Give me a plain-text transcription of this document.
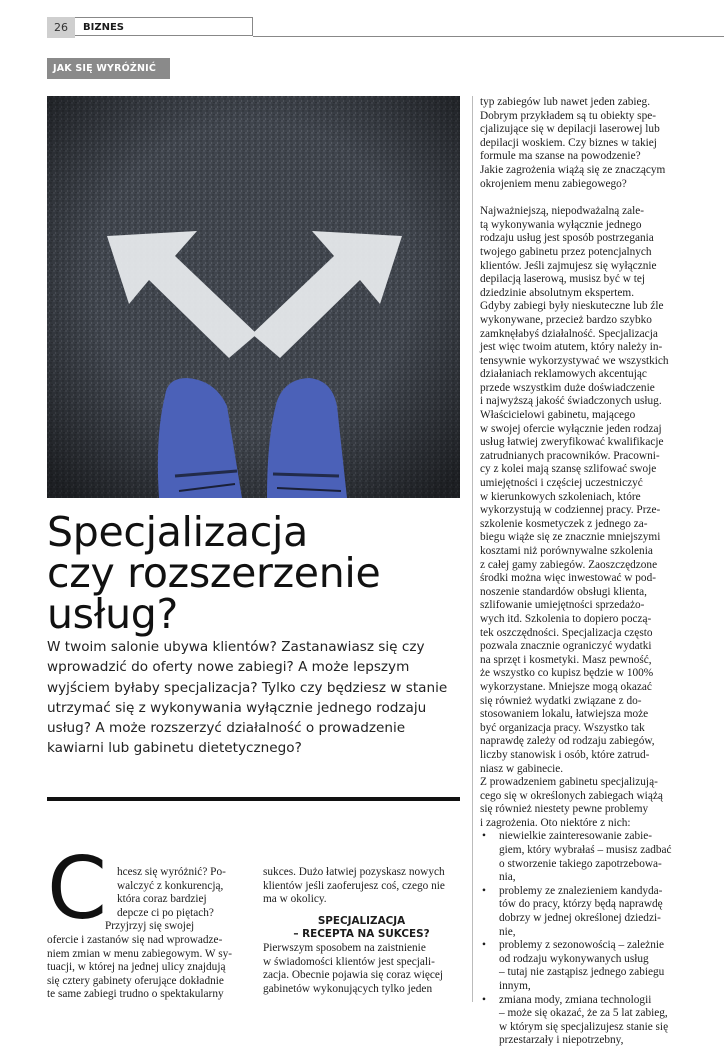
26	BIZNES
JAK SIĘ WYRÓŻNIĆ
Specjalizacja
czy rozszerzenie
usług?
W twoim salonie ubywa klientów? Zastanawiasz się czy
wprowadzić do oferty nowe zabiegi? A może lepszym
wyjściem byłaby specjalizacja? Tylko czy będziesz w stanie
utrzymać się z wykonywania wyłącznie jednego rodzaju
usług? A może rozszerzyć działalność o prowadzenie
kawiarni lub gabinetu dietetycznego?
C hcesz się wyróżnić? Po-
walczyć z konkurencją,
która coraz bardziej
depcze ci po piętach?
Przyjrzyj się swojej
ofercie i zastanów się nad wprowadze-
niem zmian w menu zabiegowym. W sy-
tuacji, w której na jednej ulicy znajdują
się cztery gabinety oferujące dokładnie
te same zabiegi trudno o spektakularny
sukces. Dużo łatwiej pozyskasz nowych
klientów jeśli zaoferujesz coś, czego nie
ma w okolicy.
SPECJALIZACJA
– RECEPTA NA SUKCES?
Pierwszym sposobem na zaistnienie
w świadomości klientów jest specjali-
zacja. Obecnie pojawia się coraz więcej
gabinetów wykonujących tylko jeden
typ zabiegów lub nawet jeden zabieg.
Dobrym przykładem są tu obiekty spe-
cjalizujące się w depilacji laserowej lub
depilacji woskiem. Czy biznes w takiej
formule ma szanse na powodzenie?
Jakie zagrożenia wiążą się ze znaczącym
okrojeniem menu zabiegowego?
Najważniejszą, niepodważalną zale-
tą wykonywania wyłącznie jednego
rodzaju usług jest sposób postrzegania
twojego gabinetu przez potencjalnych
klientów. Jeśli zajmujesz się wyłącznie
depilacją laserową, musisz być w tej
dziedzinie absolutnym ekspertem.
Gdyby zabiegi były nieskuteczne lub źle
wykonywane, przecież bardzo szybko
zamknęłabyś działalność. Specjalizacja
jest więc twoim atutem, który należy in-
tensywnie wykorzystywać we wszystkich
działaniach reklamowych akcentując
przede wszystkim duże doświadczenie
i najwyższą jakość świadczonych usług.
Właścicielowi gabinetu, mającego
w swojej ofercie wyłącznie jeden rodzaj
usług łatwiej zweryfikować kwalifikacje
zatrudnianych pracowników. Pracowni-
cy z kolei mają szansę szlifować swoje
umiejętności i częściej uczestniczyć
w kierunkowych szkoleniach, które
wykorzystują w codziennej pracy. Prze-
szkolenie kosmetyczek z jednego za-
biegu wiąże się ze znacznie mniejszymi
kosztami niż porównywalne szkolenia
z całej gamy zabiegów. Zaoszczędzone
środki można więc inwestować w pod-
noszenie standardów obsługi klienta,
szlifowanie umiejętności sprzedażo-
wych itd. Szkolenia to dopiero począ-
tek oszczędności. Specjalizacja często
pozwala znacznie ograniczyć wydatki
na sprzęt i kosmetyki. Masz pewność,
że wszystko co kupisz będzie w 100%
wykorzystane. Mniejsze mogą okazać
się również wydatki związane z do-
stosowaniem lokalu, łatwiejsza może
być organizacja pracy. Wszystko tak
naprawdę zależy od rodzaju zabiegów,
liczby stanowisk i osób, które zatrud-
niasz w gabinecie.
Z prowadzeniem gabinetu specjalizują-
cego się w określonych zabiegach wiążą
się również niestety pewne problemy
i zagrożenia. Oto niektóre z nich:
• niewielkie zainteresowanie zabie-
giem, który wybrałaś – musisz zadbać
o stworzenie takiego zapotrzebowa-
nia,
• problemy ze znalezieniem kandyda-
tów do pracy, którzy będą naprawdę
dobrzy w jednej określonej dziedzi-
nie,
• problemy z sezonowością – zależnie
od rodzaju wykonywanych usług
– tutaj nie zastąpisz jednego zabiegu
innym,
• zmiana mody, zmiana technologii
– może się okazać, że za 5 lat zabieg,
w którym się specjalizujesz stanie się
przestarzały i niepotrzebny,
